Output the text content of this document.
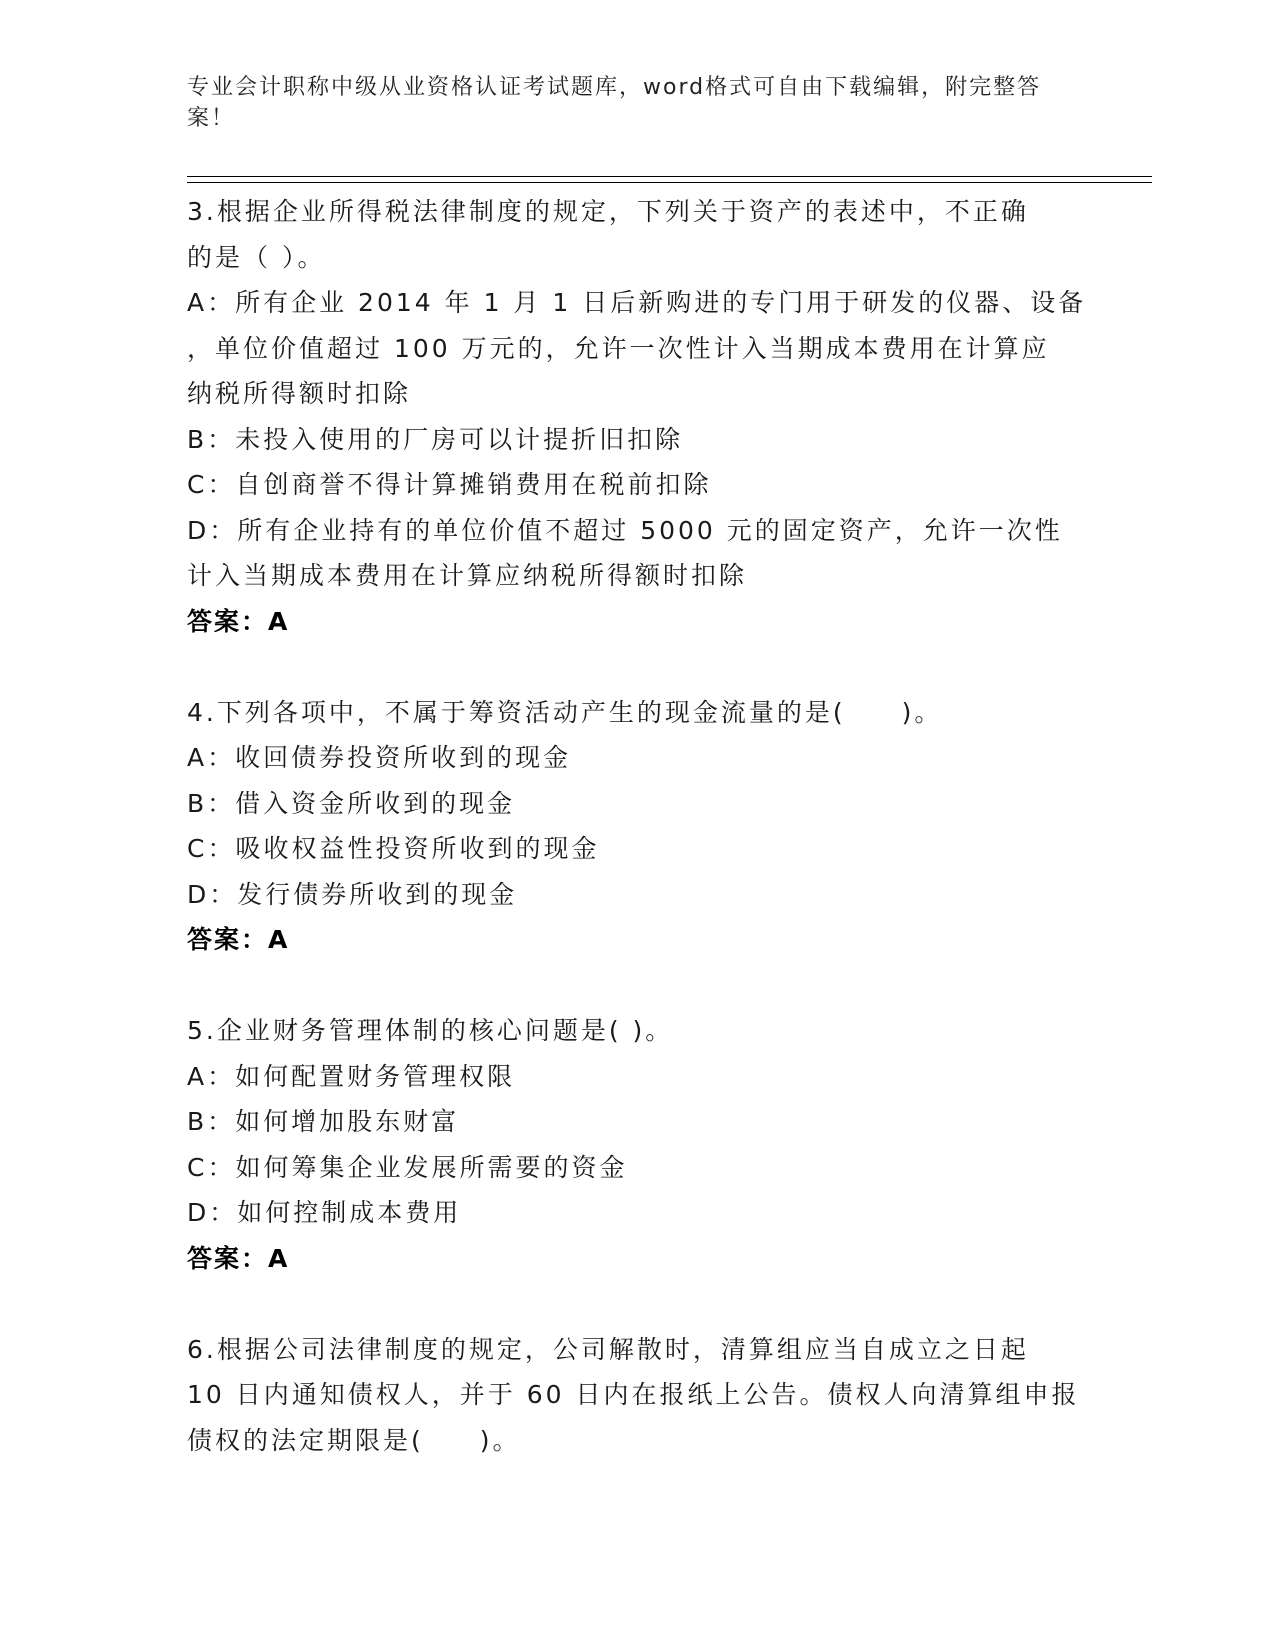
专业会计职称中级从业资格认证考试题库，word格式可自由下载编辑，附完整答
案！
3.根据企业所得税法律制度的规定，下列关于资产的表述中，不正确
的是（ ）。
A：所有企业 2014 年 1 月 1 日后新购进的专门用于研发的仪器、设备
，单位价值超过 100 万元的，允许一次性计入当期成本费用在计算应
纳税所得额时扣除
B：未投入使用的厂房可以计提折旧扣除
C：自创商誉不得计算摊销费用在税前扣除
D：所有企业持有的单位价值不超过 5000 元的固定资产，允许一次性
计入当期成本费用在计算应纳税所得额时扣除
答案：A
4.下列各项中，不属于筹资活动产生的现金流量的是(　　)。
A：收回债券投资所收到的现金
B：借入资金所收到的现金
C：吸收权益性投资所收到的现金
D：发行债券所收到的现金
答案：A
5.企业财务管理体制的核心问题是( )。
A：如何配置财务管理权限
B：如何增加股东财富
C：如何筹集企业发展所需要的资金
D：如何控制成本费用
答案：A
6.根据公司法律制度的规定，公司解散时，清算组应当自成立之日起
10 日内通知债权人，并于 60 日内在报纸上公告。债权人向清算组申报
债权的法定期限是(　　)。
